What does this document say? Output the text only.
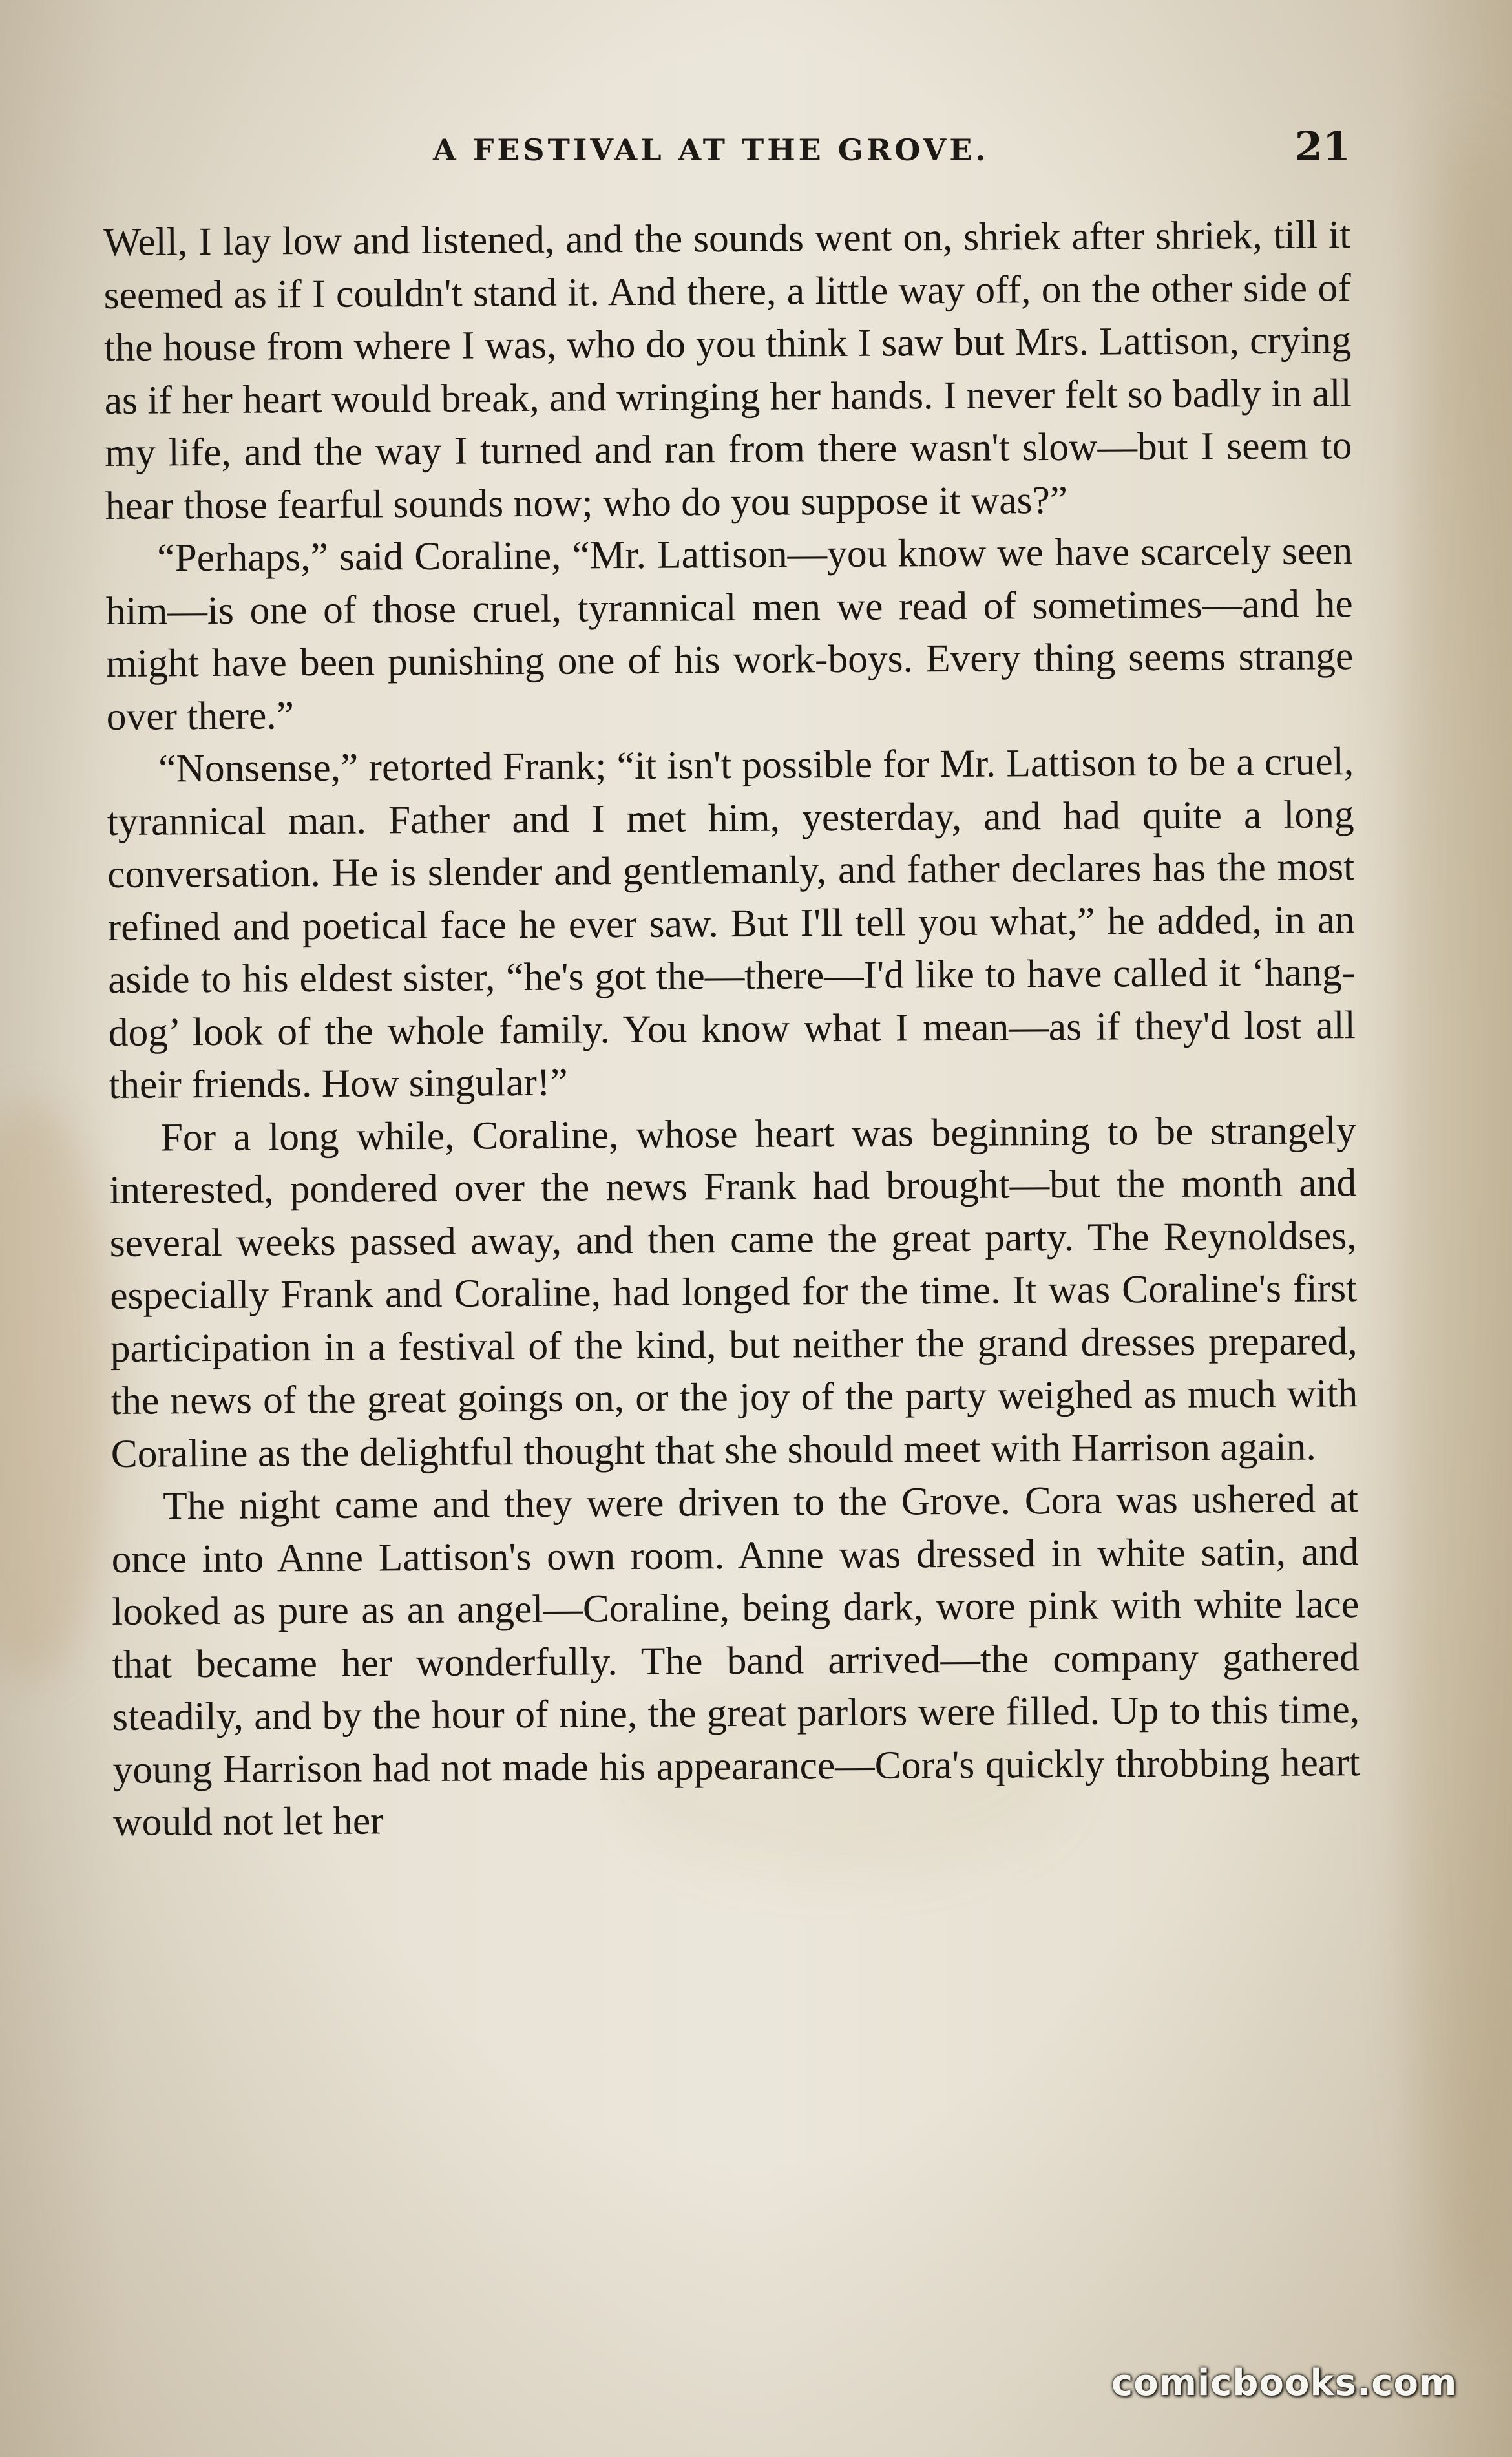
A FESTIVAL AT THE GROVE.	21

Well, I lay low and listened, and the sounds went on, shriek after shriek, till it seemed as if I couldn't stand it. And there, a little way off, on the other side of the house from where I was, who do you think I saw but Mrs. Lattison, crying as if her heart would break, and wringing her hands. I never felt so badly in all my life, and the way I turned and ran from there wasn't slow—but I seem to hear those fearful sounds now; who do you suppose it was?”

“Perhaps,” said Coraline, “Mr. Lattison—you know we have scarcely seen him—is one of those cruel, tyrannical men we read of sometimes—and he might have been punishing one of his work-boys. Every thing seems strange over there.”

“Nonsense,” retorted Frank; “it isn't possible for Mr. Lattison to be a cruel, tyrannical man. Father and I met him, yesterday, and had quite a long conversation. He is slender and gentlemanly, and father declares has the most refined and poetical face he ever saw. But I'll tell you what,” he added, in an aside to his eldest sister, “he's got the—there—I'd like to have called it ‘hang-dog’ look of the whole family. You know what I mean—as if they'd lost all their friends. How singular!”

For a long while, Coraline, whose heart was beginning to be strangely interested, pondered over the news Frank had brought—but the month and several weeks passed away, and then came the great party. The Reynoldses, especially Frank and Coraline, had longed for the time. It was Coraline's first participation in a festival of the kind, but neither the grand dresses prepared, the news of the great goings on, or the joy of the party weighed as much with Coraline as the delightful thought that she should meet with Harrison again.

The night came and they were driven to the Grove. Cora was ushered at once into Anne Lattison's own room. Anne was dressed in white satin, and looked as pure as an angel—Coraline, being dark, wore pink with white lace that became her wonderfully. The band arrived—the company gathered steadily, and by the hour of nine, the great parlors were filled. Up to this time, young Harrison had not made his appearance—Cora's quickly throbbing heart would not let her

comicbooks.com
